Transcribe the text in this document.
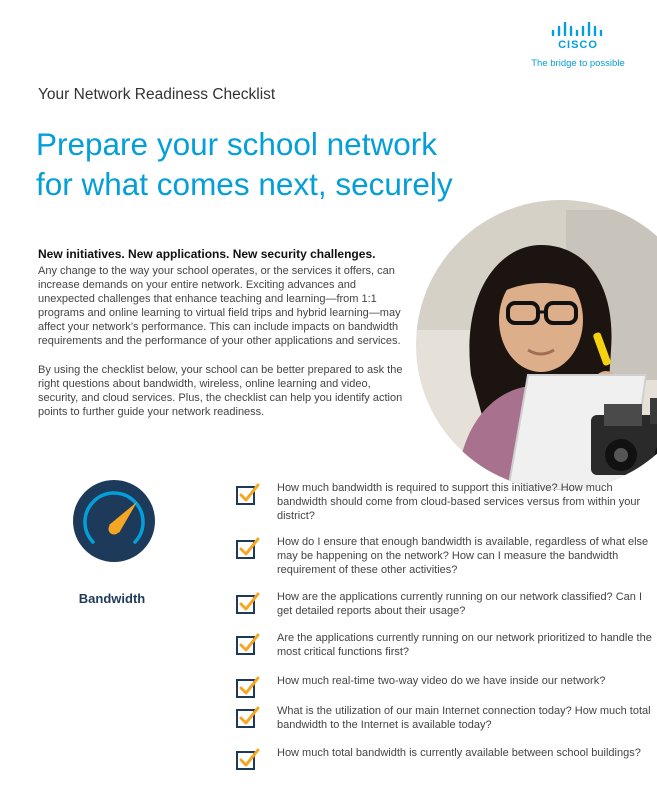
CISCO
The bridge to possible
Your Network Readiness Checklist
Prepare your school network
for what comes next, securely
New initiatives. New applications. New security challenges.

Any change to the way your school operates, or the services it offers, can increase demands on your entire network. Exciting advances and unexpected challenges that enhance teaching and learning—from 1:1 programs and online learning to virtual field trips and hybrid learning—may affect your network’s performance. This can include impacts on bandwidth requirements and the performance of your other applications and services.

By using the checklist below, your school can be better prepared to ask the right questions about bandwidth, wireless, online learning and video, security, and cloud services. Plus, the checklist can help you identify action points to further guide your network readiness.

Bandwidth
How much bandwidth is required to support this initiative? How much bandwidth should come from cloud-based services versus from within your district?
How do I ensure that enough bandwidth is available, regardless of what else may be happening on the network? How can I measure the bandwidth requirement of these other activities?
How are the applications currently running on our network classified? Can I get detailed reports about their usage?
Are the applications currently running on our network prioritized to handle the most critical functions first?
How much real-time two-way video do we have inside our network?
What is the utilization of our main Internet connection today? How much total bandwidth to the Internet is available today?
How much total bandwidth is currently available between school buildings?
